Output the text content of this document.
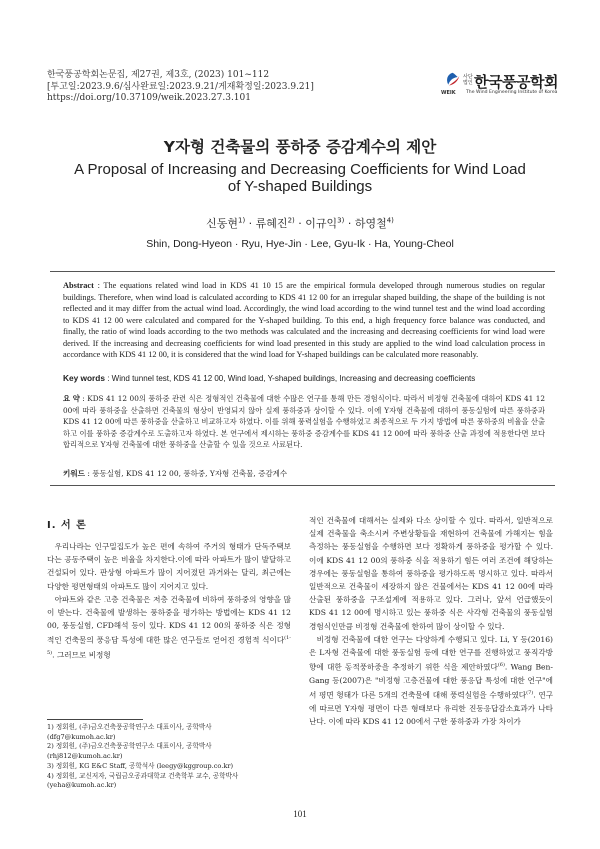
한국풍공학회논문집, 제27권, 제3호, (2023) 101~112
[투고일:2023.9.6/심사완료일:2023.9.21/게재확정일:2023.9.21]
https://doi.org/10.37109/weik.2023.27.3.101
사단법인 한국풍공학회
WEIK The Wind Engineering Institute of Korea
Y자형 건축물의 풍하중 증감계수의 제안
A Proposal of Increasing and Decreasing Coefficients for Wind Load
of Y-shaped Buildings
신동현$^{1)}$ · 류혜진$^{2)}$ · 이규익$^{3)}$ · 하영철$^{4)}$
Shin, Dong-Hyeon · Ryu, Hye-Jin · Lee, Gyu-Ik · Ha, Young-Cheol
Abstract : The equations related wind load in KDS 41 10 15 are the empirical formula developed through numerous studies on regular buildings. Therefore, when wind load is calculated according to KDS 41 12 00 for an irregular shaped building, the shape of the building is not reflected and it may differ from the actual wind load. Accordingly, the wind load according to the wind tunnel test and the wind load according to KDS 41 12 00 were calculated and compared for the Y-shaped building. To this end, a high frequency force balance was conducted, and finally, the ratio of wind loads according to the two methods was calculated and the increasing and decreasing coefficients for wind load were derived. If the increasing and decreasing coefficients for wind load presented in this study are applied to the wind load calculation process in accordance with KDS 41 12 00, it is considered that the wind load for Y-shaped buildings can be calculated more reasonably.
Key words : Wind tunnel test, KDS 41 12 00, Wind load, Y-shaped buildings, Increasing and decreasing coefficients
요 약 : KDS 41 12 00의 풍하중 관련 식은 정형적인 건축물에 대한 수많은 연구를 통해 만든 경험식이다. 따라서 비정형 건축물에 대하여 KDS 41 12 00에 따라 풍하중을 산출하면 건축물의 형상이 반영되지 않아 실제 풍하중과 상이할 수 있다. 이에 Y자형 건축물에 대하여 풍동실험에 따른 풍하중과 KDS 41 12 00에 따른 풍하중을 산출하고 비교하고자 하였다. 이를 위해 풍력실험을 수행하였고 최종적으로 두 가지 방법에 따른 풍하중의 비율을 산출하고 이를 풍하중 증감계수로 도출하고자 하였다. 본 연구에서 제시하는 풍하중 증감계수를 KDS 41 12 00에 따라 풍하중 산출 과정에 적용한다면 보다 합리적으로 Y자형 건축물에 대한 풍하중을 산출할 수 있을 것으로 사료된다.
키워드 : 풍동실험, KDS 41 12 00, 풍하중, Y자형 건축물, 증감계수
I. 서 론

우리나라는 인구밀집도가 높은 편에 속하여 주거의 형태가 단독주택보다는 공동주택이 높은 비율을 차지한다.이에 따라 아파트가 많이 발달하고 건설되어 있다. 판상형 아파트가 많이 지어졌던 과거와는 달리, 최근에는 다양한 평면형태의 아파트도 많이 지어지고 있다.

아파트와 같은 고층 건축물은 저층 건축물에 비하여 풍하중의 영향을 많이 받는다. 건축물에 발생하는 풍하중을 평가하는 방법에는 KDS 41 12 00, 풍동실험, CFD해석 등이 있다. KDS 41 12 00의 풍하중 식은 정형적인 건축물의 풍응답 특성에 대한 많은 연구들로 얻어진 경험적 식이다$^{(1-5)}$. 그러므로 비정형

적인 건축물에 대해서는 실제와 다소 상이할 수 있다. 따라서, 일반적으로 실제 건축물을 축소시켜 주변상황들을 재현하여 건축물에 가해지는 힘을 측정하는 풍동실험을 수행하면 보다 정확하게 풍하중을 평가할 수 있다. 이에 KDS 41 12 00의 풍하중 식을 적용하기 힘든 여러 조건에 해당하는 경우에는 풍동실험을 통하여 풍하중을 평가하도록 명시하고 있다. 따라서 일반적으로 건축물이 세장하지 않은 건물에서는 KDS 41 12 00에 따라 산출된 풍하중을 구조설계에 적용하고 있다. 그러나, 앞서 언급했듯이 KDS 41 12 00에 명시하고 있는 풍하중 식은 사각형 건축물의 풍동실험 경험식인만큼 비정형 건축물에 한하여 많이 상이할 수 있다.

비정형 건축물에 대한 연구는 다양하게 수행되고 있다. Li, Y 등(2016)은 L자형 건축물에 대한 풍동실험 등에 대한 연구를 진행하였고 풍직각방향에 대한 동적풍하중을 추정하기 위한 식을 제안하였다$^{(6)}$. Wang Ben-Gang 등(2007)은 "비정형 고층건물에 대한 풍응답 특성에 대한 연구"에서 평면 형태가 다른 5개의 건축물에 대해 풍력실험을 수행하였다$^{(7)}$. 연구에 따르면 Y자형 평면이 다른 형태보다 유리한 진동응답감소효과가 나타난다. 이에 따라 KDS 41 12 00에서 구한 풍하중과 가장 차이가

1) 정회원, (주)금오건축풍공학연구소 대표이사, 공학박사
(dfg7@kumoh.ac.kr)
2) 정회원, (주)금오건축풍공학연구소 대표이사, 공학박사
(rhj812@kumoh.ac.kr)
3) 정회원, KG E&C Staff, 공학석사 (leegy@kggroup.co.kr)
4) 정회원, 교신저자, 국립금오공과대학교 건축학부 교수, 공학박사
(yeha@kumoh.ac.kr)
101
